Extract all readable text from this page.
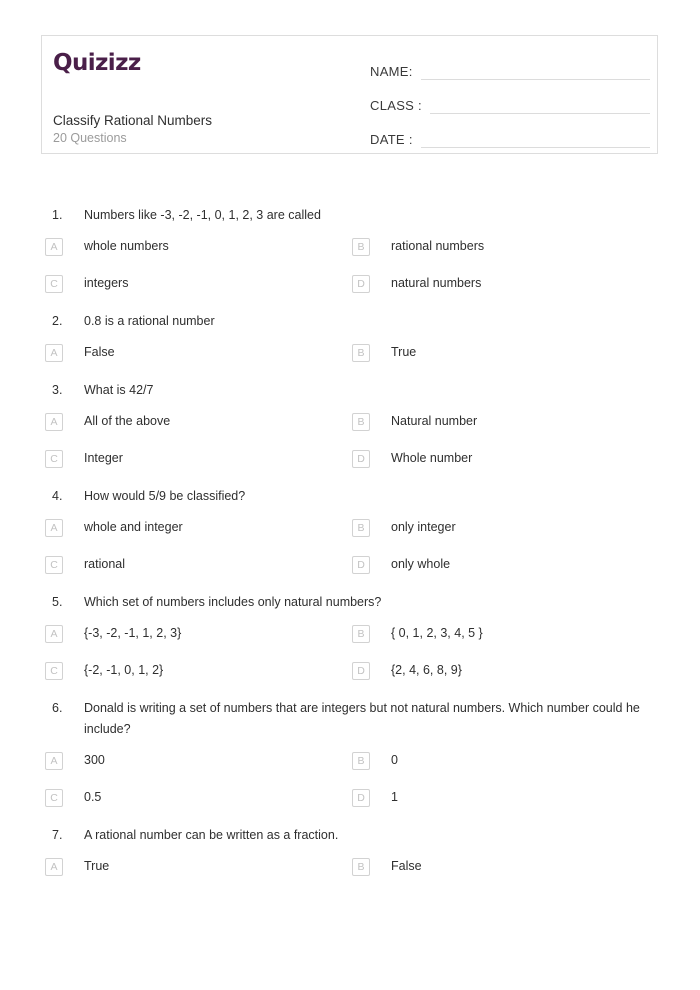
Quizizz
Classify Rational Numbers
20 Questions
NAME:
CLASS :
DATE :
1.	Numbers like -3, -2, -1, 0, 1, 2, 3 are called
A	whole numbers	B	rational numbers
C	integers	D	natural numbers
2.	0.8 is a rational number
A	False	B	True
3.	What is 42/7
A	All of the above	B	Natural number
C	Integer	D	Whole number
4.	How would 5/9 be classified?
A	whole and integer	B	only integer
C	rational	D	only whole
5.	Which set of numbers includes only natural numbers?
A	{-3, -2, -1, 1, 2, 3}	B	{ 0, 1, 2, 3, 4, 5 }
C	{-2, -1, 0, 1, 2}	D	{2, 4, 6, 8, 9}
6.	Donald is writing a set of numbers that are integers but not natural numbers. Which number could he include?
A	300	B	0
C	0.5	D	1
7.	A rational number can be written as a fraction.
A	True	B	False
